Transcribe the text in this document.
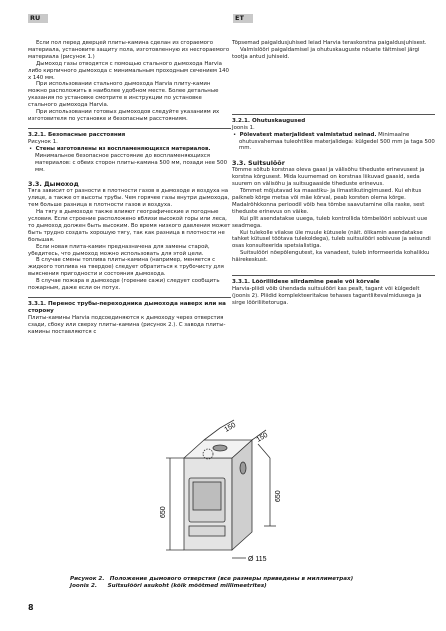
RU	ET

Если пол перед дверцей плиты-камина сделан из сгораемого материала, установите защиту пола, изготовленную из несгораемого материала (рисунок 1.)

Дымоход газы отводятся с помощью стального дымохода Harvia либо кирпичного дымохода с минимальным проходным сечением 140 x 140 мм.

При использовании стального дымохода Harvia плиту-камин можно расположить в наиболее удобном месте. Более детальные указания по установке смотрите в инструкции по установке стального дымохода Harvia.

При использовании готовых дымоходов следуйте указаниям их изготовителя по установке и безопасным расстояниям.

3.2.1. Безопасные расстояния

Рисунок 1.

•  Стены изготовлены из воспламеняющихся материалов. Минимальное безопасное расстояние до воспламеняющихся материалов: с обеих сторон плиты-камина 500 мм, позади нее 500 мм.

3.3. Дымоход

Тяга зависит от разности в плотности газов в дымоходе и воздуха на улице, а также от высоты трубы. Чем горячее газы внутри дымохода, тем больше разница в плотности газов и воздуха.

На тягу в дымоходе также влияют географические и погодные условия. Если строение расположено вблизи высокой горы или леса, то дымоход должен быть высоким. Во время низкого давления может быть трудно создать хорошую тягу, так как разница в плотности не большая.

Если новая плита-камин предназначена для замены старой, убедитесь, что дымоход можно использовать для этой цели.

В случае смены топлива плиты-камина (например, меняется с жидкого топлива на твердое) следует обратиться к трубочисту для выяснения пригодности и состояния дымохода.

В случае пожара в дымоходе (горение сажи) следует сообщить пожарным, даже если он потух.

3.3.1. Перенос трубы-переходника дымохода наверх или на сторону

Плиты-камины Harvia подсоединяются к дымоходу через отверстия сзади, сбоку или сверху плиты-камина (рисунок 2.). С завода плиты-камины поставляются с

Tõpsemad paigaldusjuhised leiad Harvia teraskorstna paigaldusjuhisest.

Valmislõõri paigaldamisel ja ohutuskauguste nõuete täitmisel järgi tootja antud juhiseid.

3.2.1. Ohutuskaugused

Joonis 1.

•  Põlevatest materjalidest valmistatud seinad. Minimaalne ohutusvahemaa tuleohtlike materjalidega: külgedel 500 mm ja taga 500 mm.

3.3. Suitsulõõr

Tõmme sõltub korstnas oleva gaasi ja välisõhu tiheduste erinevusest ja korstna kõrgusest. Mida kuumemad on korstnas liikuvad gaasid, seda suurem on välisõhu ja suitsugaaside tiheduste erinevus.

Tõmmet mõjutavad ka maastiku- ja ilmastikutingimused. Kui ehitus paikneb kõrge metsa või mäe kõrval, peab korsten olema kõrge. Madalrõhkkonna perioodil võib hea tõmbe saavutamine olla raske, sest tiheduste erinevus on väike.

Kui plit asendatakse uuega, tuleb kontrollida tõmbelõõri sobivust uue seadmega.

Kui tulekolle viiakse üle muule kütusele (näit. õlikamin asendatakse tahket kütusel töötava tulekoldega), tuleb suitsulõõri sobivuse ja seisundi osas konsulteerida spetsialistiga.

Suitsulõõri nõepõlengutest, ka vanadest, tuleb informeerida kohalikku häirekeskust.

3.3.1. Lõõriliidese siirdamine peale või kõrvale

Harvia-pliidi võib ühendada suitsulõõri kas pealt, tagant või külgedelt (joonis 2). Pliidid komplekteeritakse tehases tagantliitevalmidusega ja sirge lõõriliitetoruga.

150
150
650
650
Ø 115
Рисунок 2. Положение дымового отверстия (все размеры приведены в миллиметрах)
Joonis 2. Suitsulõõri asukoht (kõik mõõtmed millimeetrites)
8
